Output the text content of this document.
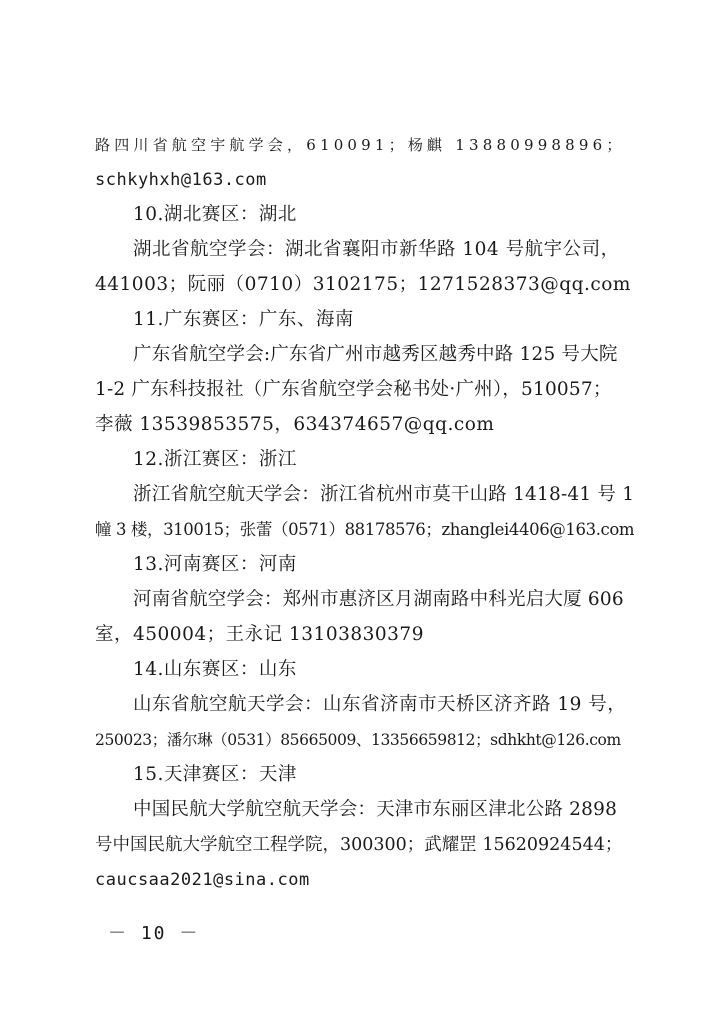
路四川省航空宇航学会，610091；杨麒 13880998896；
schkyhxh@163.com
10.湖北赛区：湖北
湖北省航空学会：湖北省襄阳市新华路 104 号航宇公司，
441003；阮丽（0710）3102175；1271528373@qq.com
11.广东赛区：广东、海南
广东省航空学会:广东省广州市越秀区越秀中路 125 号大院
1-2 广东科技报社（广东省航空学会秘书处·广州），510057；
李薇 13539853575，634374657@qq.com
12.浙江赛区：浙江
浙江省航空航天学会：浙江省杭州市莫干山路 1418-41 号 1
幢 3 楼，310015；张蕾（0571）88178576；zhanglei4406@163.com
13.河南赛区：河南
河南省航空学会：郑州市惠济区月湖南路中科光启大厦 606
室，450004；王永记 13103830379
14.山东赛区：山东
山东省航空航天学会：山东省济南市天桥区济齐路 19 号，
250023；潘尔琳（0531）85665009、13356659812；sdhkht@126.com
15.天津赛区：天津
中国民航大学航空航天学会：天津市东丽区津北公路 2898
号中国民航大学航空工程学院，300300；武耀罡 15620924544；
caucsaa2021@sina.com
－ 10 －
